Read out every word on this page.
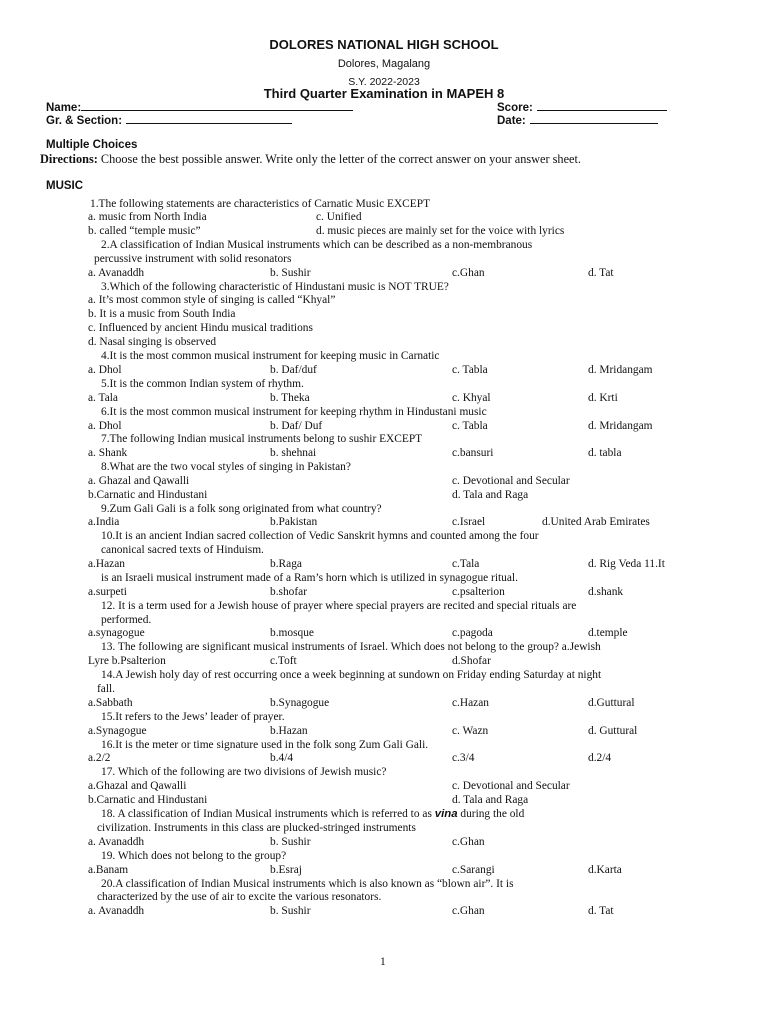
DOLORES NATIONAL HIGH SCHOOL
Dolores, Magalang
S.Y. 2022-2023
Third Quarter Examination in MAPEH 8
Name:	Score:
Gr. & Section:	Date:
Multiple Choices
Directions: Choose the best possible answer. Write only the letter of the correct answer on your answer sheet.
MUSIC
1.The following statements are characteristics of Carnatic Music EXCEPT
a. music from North India	c. Unified
b. called “temple music”	d. music pieces are mainly set for the voice with lyrics
2.A classification of Indian Musical instruments which can be described as a non-membranous
percussive instrument with solid resonators
a. Avanaddh	b. Sushir	c.Ghan	d. Tat
3.Which of the following characteristic of Hindustani music is NOT TRUE?
a. It’s most common style of singing is called “Khyal”
b. It is a music from South India
c. Influenced by ancient Hindu musical traditions
d. Nasal singing is observed
4.It is the most common musical instrument for keeping music in Carnatic
a. Dhol	b. Daf/duf	c. Tabla	d. Mridangam
5.It is the common Indian system of rhythm.
a. Tala	b. Theka	c. Khyal	d. Krti
6.It is the most common musical instrument for keeping rhythm in Hindustani music
a. Dhol	b. Daf/ Duf	c. Tabla	d. Mridangam
7.The following Indian musical instruments belong to sushir EXCEPT
a. Shank	b. shehnai	c.bansuri	d. tabla
8.What are the two vocal styles of singing in Pakistan?
a. Ghazal and Qawalli	c. Devotional and Secular
b.Carnatic and Hindustani	d. Tala and Raga
9.Zum Gali Gali is a folk song originated from what country?
a.India	b.Pakistan	c.Israel	d.United Arab Emirates
10.It is an ancient Indian sacred collection of Vedic Sanskrit hymns and counted among the four
canonical sacred texts of Hinduism.
a.Hazan	b.Raga	c.Tala	d. Rig Veda 11.It
is an Israeli musical instrument made of a Ram’s horn which is utilized in synagogue ritual.
a.surpeti	b.shofar	c.psalterion	d.shank
12. It is a term used for a Jewish house of prayer where special prayers are recited and special rituals are
performed.
a.synagogue	b.mosque	c.pagoda	d.temple
13. The following are significant musical instruments of Israel. Which does not belong to the group? a.Jewish
Lyre b.Psalterion	c.Toft	d.Shofar
14.A Jewish holy day of rest occurring once a week beginning at sundown on Friday ending Saturday at night
fall.
a.Sabbath	b.Synagogue	c.Hazan	d.Guttural
15.It refers to the Jews’ leader of prayer.
a.Synagogue	b.Hazan	c. Wazn	d. Guttural
16.It is the meter or time signature used in the folk song Zum Gali Gali.
a.2/2	b.4/4	c.3/4	d.2/4
17. Which of the following are two divisions of Jewish music?
a.Ghazal and Qawalli	c. Devotional and Secular
b.Carnatic and Hindustani	d. Tala and Raga
18. A classification of Indian Musical instruments which is referred to as vina during the old
civilization. Instruments in this class are plucked-stringed instruments
a. Avanaddh	b. Sushir	c.Ghan
19. Which does not belong to the group?
a.Banam	b.Esraj	c.Sarangi	d.Karta
20.A classification of Indian Musical instruments which is also known as “blown air”. It is
characterized by the use of air to excite the various resonators.
a. Avanaddh	b. Sushir	c.Ghan	d. Tat
1
